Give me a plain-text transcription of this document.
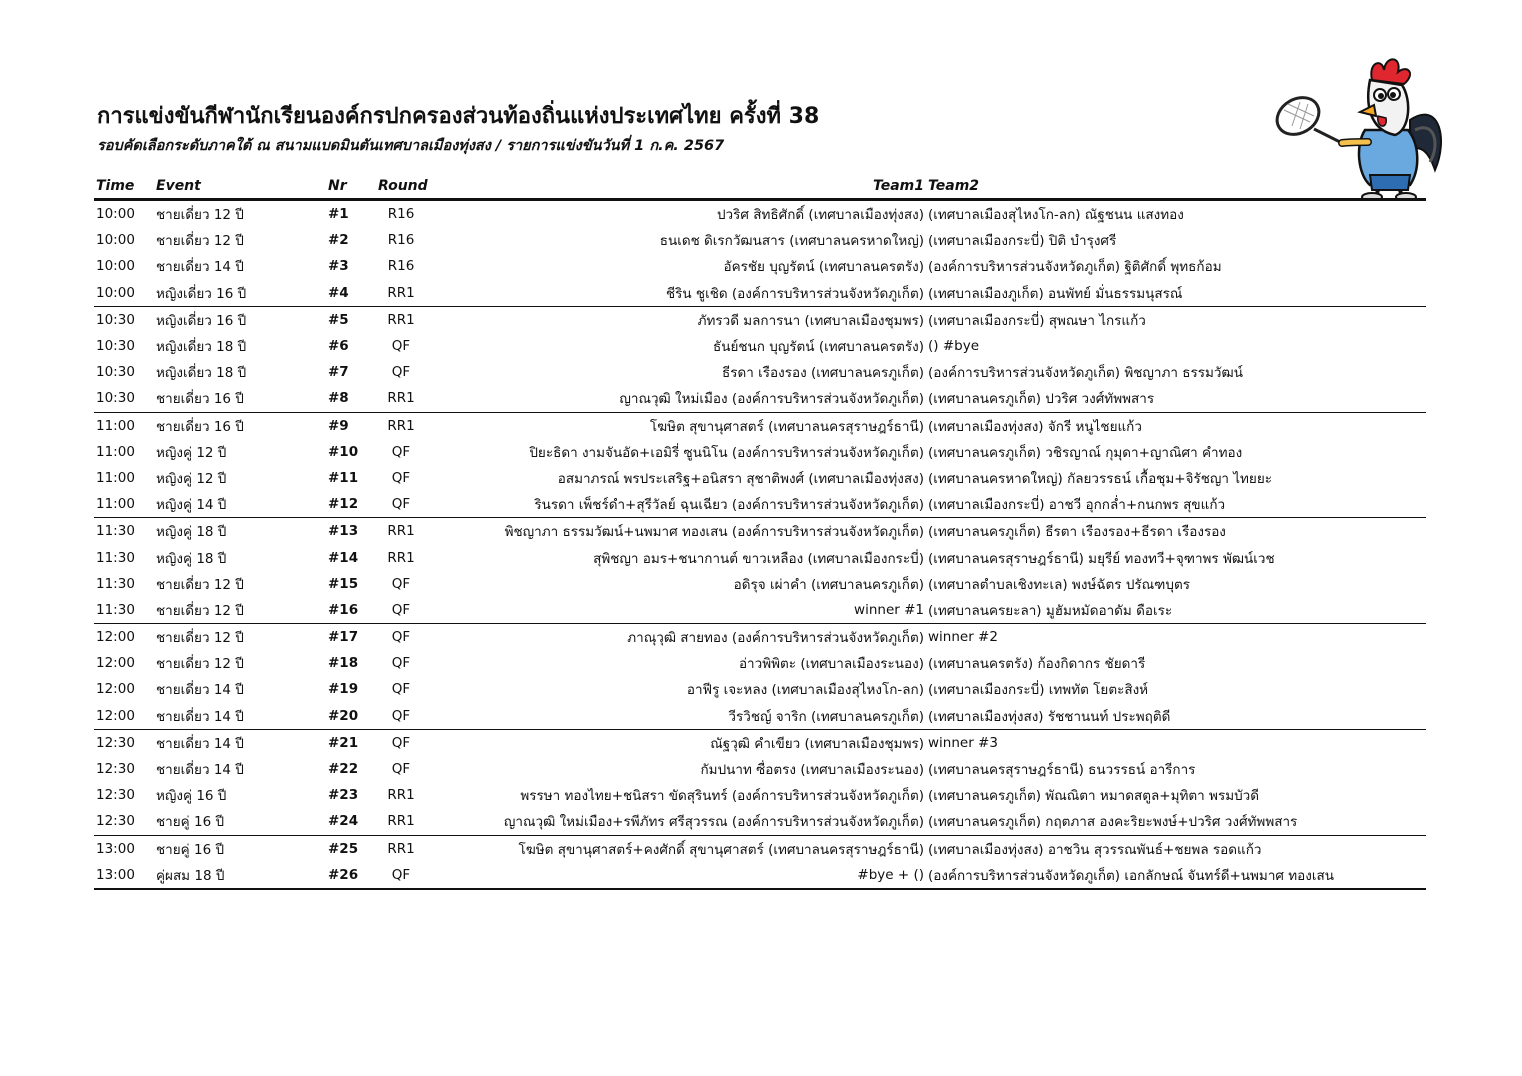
การแข่งขันกีฬานักเรียนองค์กรปกครองส่วนท้องถิ่นแห่งประเทศไทย ครั้งที่ 38

รอบคัดเลือกระดับภาคใต้ ณ สนามแบดมินตันเทศบาลเมืองทุ่งสง / รายการแข่งขันวันที่ 1 ก.ค. 2567

Time	Event	Nr	Round	Team1	Team2
10:00	ชายเดี่ยว 12 ปี	#1	R16	ปวริศ สิทธิศักดิ์ (เทศบาลเมืองทุ่งสง)	(เทศบาลเมืองสุไหงโก-ลก) ณัฐชนน แสงทอง
10:00	ชายเดี่ยว 12 ปี	#2	R16	ธนเดช ดิเรกวัฒนสาร (เทศบาลนครหาดใหญ่)	(เทศบาลเมืองกระบี่) ปิติ บำรุงศรี
10:00	ชายเดี่ยว 14 ปี	#3	R16	อัครชัย บุญรัตน์ (เทศบาลนครตรัง)	(องค์การบริหารส่วนจังหวัดภูเก็ต) ฐิติศักดิ์ พุทธก้อม
10:00	หญิงเดี่ยว 16 ปี	#4	RR1	ชีริน ชูเชิด (องค์การบริหารส่วนจังหวัดภูเก็ต)	(เทศบาลเมืองภูเก็ต) อนพัทย์ มั่นธรรมนุสรณ์
10:30	หญิงเดี่ยว 16 ปี	#5	RR1	ภัทรวดี มลการนา (เทศบาลเมืองชุมพร)	(เทศบาลเมืองกระบี่) สุพณษา ไกรแก้ว
10:30	หญิงเดี่ยว 18 ปี	#6	QF	ธันย์ชนก บุญรัตน์ (เทศบาลนครตรัง)	() #bye
10:30	หญิงเดี่ยว 18 ปี	#7	QF	ธีรดา เรืองรอง (เทศบาลนครภูเก็ต)	(องค์การบริหารส่วนจังหวัดภูเก็ต) พิชญาภา ธรรมวัฒน์
10:30	ชายเดี่ยว 16 ปี	#8	RR1	ญาณวุฒิ ใหม่เมือง (องค์การบริหารส่วนจังหวัดภูเก็ต)	(เทศบาลนครภูเก็ต) ปวริศ วงศ์ทัพพสาร
11:00	ชายเดี่ยว 16 ปี	#9	RR1	โฆษิต สุขานุศาสตร์ (เทศบาลนครสุราษฎร์ธานี)	(เทศบาลเมืองทุ่งสง) จักรี หนูไชยแก้ว
11:00	หญิงคู่ 12 ปี	#10	QF	ปิยะธิดา งามจันอัด+เอมิรี่ ซูนนิโน (องค์การบริหารส่วนจังหวัดภูเก็ต)	(เทศบาลนครภูเก็ต) วชิรญาณ์ กุมุดา+ญาณิศา คำทอง
11:00	หญิงคู่ 12 ปี	#11	QF	อสมาภรณ์ พรประเสริฐ+อนิสรา สุชาติพงศ์ (เทศบาลเมืองทุ่งสง)	(เทศบาลนครหาดใหญ่) กัลยวรรธน์ เกื้อชุม+จิรัชญา ไทยยะ
11:00	หญิงคู่ 14 ปี	#12	QF	รินรดา เพ็ชร์ดำ+สุรีวัลย์ ฉุนเฉียว (องค์การบริหารส่วนจังหวัดภูเก็ต)	(เทศบาลเมืองกระบี่) อาชวี อุกกล่ำ+กนกพร สุขแก้ว
11:30	หญิงคู่ 18 ปี	#13	RR1	พิชญาภา ธรรมวัฒน์+นพมาศ ทองเสน (องค์การบริหารส่วนจังหวัดภูเก็ต)	(เทศบาลนครภูเก็ต) ธีรตา เรืองรอง+ธีรดา เรืองรอง
11:30	หญิงคู่ 18 ปี	#14	RR1	สุพิชญา อมร+ชนากานต์ ขาวเหลือง (เทศบาลเมืองกระบี่)	(เทศบาลนครสุราษฎร์ธานี) มยุรีย์ ทองทวี+จุฑาพร พัฒน์เวช
11:30	ชายเดี่ยว 12 ปี	#15	QF	อดิรุจ เผ่าคำ (เทศบาลนครภูเก็ต)	(เทศบาลตำบลเชิงทะเล) พงษ์ฉัตร ปรัณฑบุตร
11:30	ชายเดี่ยว 12 ปี	#16	QF	winner #1	(เทศบาลนครยะลา) มูฮัมหมัดอาดัม ดือเระ
12:00	ชายเดี่ยว 12 ปี	#17	QF	ภาณุวุฒิ สายทอง (องค์การบริหารส่วนจังหวัดภูเก็ต)	winner #2
12:00	ชายเดี่ยว 12 ปี	#18	QF	อ่าวพิพิตะ (เทศบาลเมืองระนอง)	(เทศบาลนครตรัง) ก้องกิดากร ชัยดารี
12:00	ชายเดี่ยว 14 ปี	#19	QF	อาฟีรู เจะหลง (เทศบาลเมืองสุไหงโก-ลก)	(เทศบาลเมืองกระบี่) เทพทัต โยตะสิงห์
12:00	ชายเดี่ยว 14 ปี	#20	QF	วีรวิชญ์ จาริก (เทศบาลนครภูเก็ต)	(เทศบาลเมืองทุ่งสง) รัชชานนท์ ประพฤติดี
12:30	ชายเดี่ยว 14 ปี	#21	QF	ณัฐวุฒิ คำเขียว (เทศบาลเมืองชุมพร)	winner #3
12:30	ชายเดี่ยว 14 ปี	#22	QF	กัมปนาท ซื่อตรง (เทศบาลเมืองระนอง)	(เทศบาลนครสุราษฎร์ธานี) ธนวรรธน์ อารีการ
12:30	หญิงคู่ 16 ปี	#23	RR1	พรรษา ทองไทย+ชนิสรา ขัดสุรินทร์ (องค์การบริหารส่วนจังหวัดภูเก็ต)	(เทศบาลนครภูเก็ต) พัณณิตา หมาดสตูล+มุทิตา พรมบัวดี
12:30	ชายคู่ 16 ปี	#24	RR1	ญาณวุฒิ ใหม่เมือง+รพีภัทร ศรีสุวรรณ (องค์การบริหารส่วนจังหวัดภูเก็ต)	(เทศบาลนครภูเก็ต) กฤตภาส องคะริยะพงษ์+ปวริศ วงศ์ทัพพสาร
13:00	ชายคู่ 16 ปี	#25	RR1	โฆษิต สุขานุศาสตร์+คงศักดิ์ สุขานุศาสตร์ (เทศบาลนครสุราษฎร์ธานี)	(เทศบาลเมืองทุ่งสง) อาชวิน สุวรรณพันธ์+ชยพล รอดแก้ว
13:00	คู่ผสม 18 ปี	#26	QF	#bye + ()	(องค์การบริหารส่วนจังหวัดภูเก็ต) เอกลักษณ์ จันทร์ดี+นพมาศ ทองเสน
